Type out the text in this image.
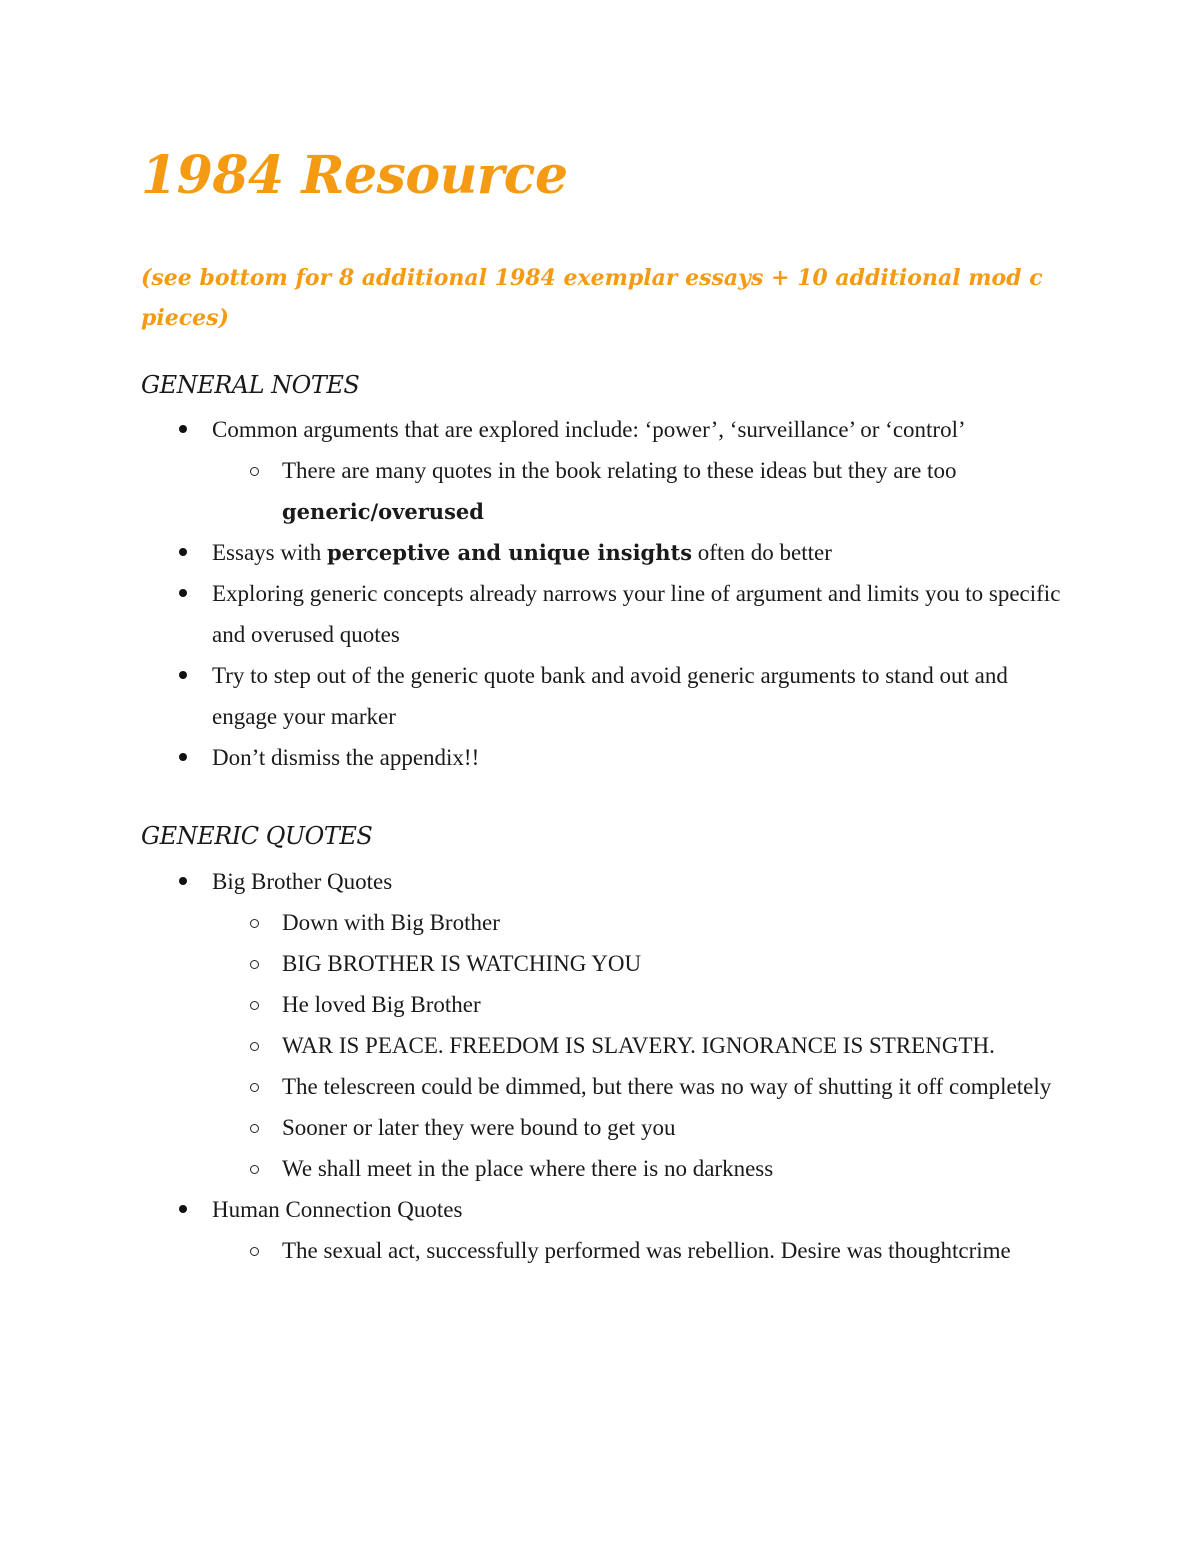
1984 Resource

(see bottom for 8 additional 1984 exemplar essays + 10 additional mod c pieces)

GENERAL NOTES
Common arguments that are explored include: ‘power’, ‘surveillance’ or ‘control’
There are many quotes in the book relating to these ideas but they are too generic/overused
Essays with perceptive and unique insights often do better
Exploring generic concepts already narrows your line of argument and limits you to specific and overused quotes
Try to step out of the generic quote bank and avoid generic arguments to stand out and engage your marker
Don’t dismiss the appendix!!
GENERIC QUOTES
Big Brother Quotes
Down with Big Brother
BIG BROTHER IS WATCHING YOU
He loved Big Brother
WAR IS PEACE. FREEDOM IS SLAVERY. IGNORANCE IS STRENGTH.
The telescreen could be dimmed, but there was no way of shutting it off completely
Sooner or later they were bound to get you
We shall meet in the place where there is no darkness
Human Connection Quotes
The sexual act, successfully performed was rebellion. Desire was thoughtcrime
